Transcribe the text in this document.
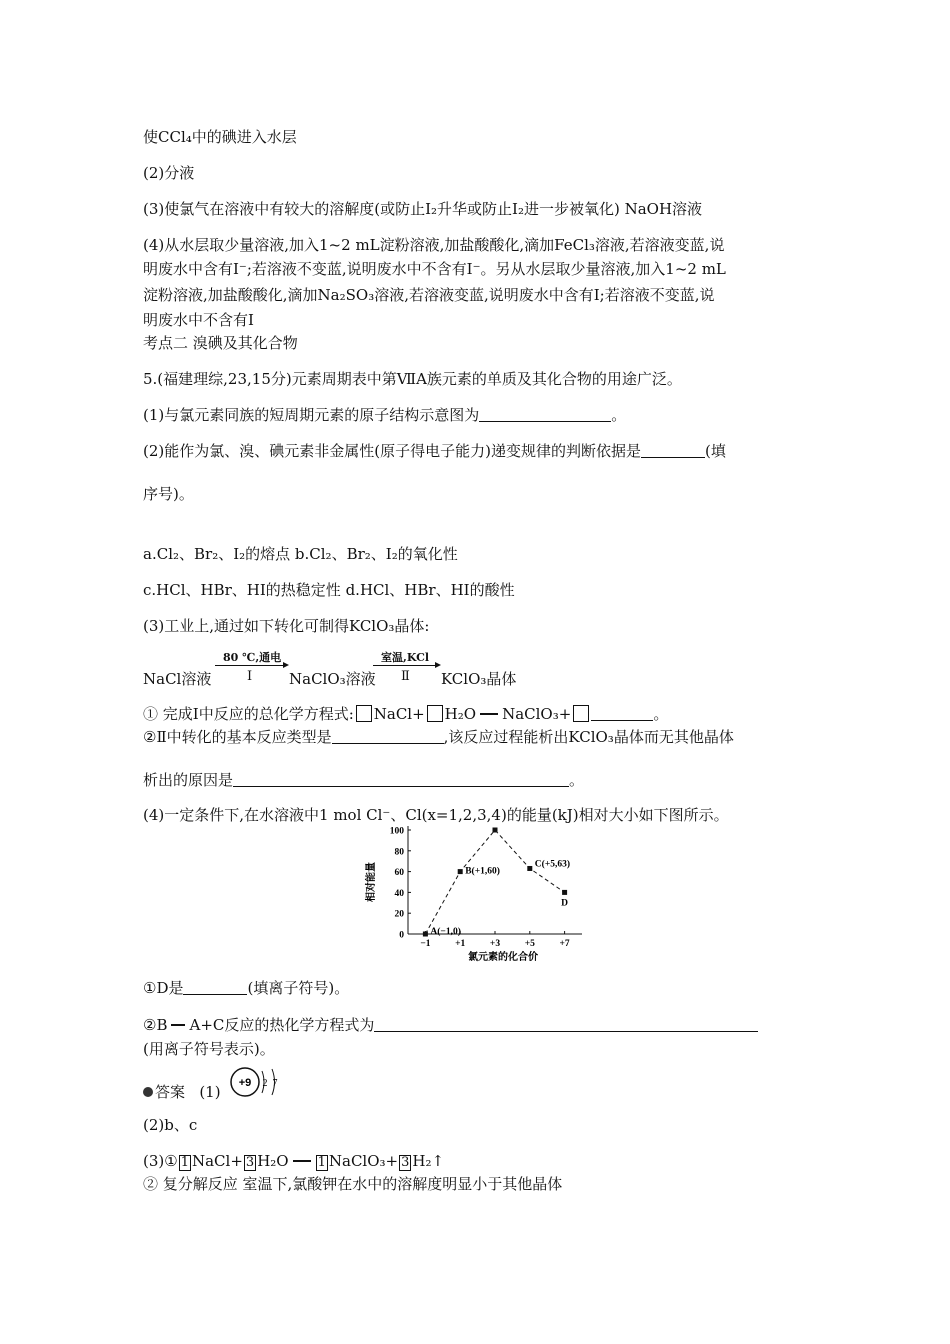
使CCl₄中的碘进入水层
(2)分液
(3)使氯气在溶液中有较大的溶解度(或防止I₂升华或防止I₂进一步被氧化) NaOH溶液
(4)从水层取少量溶液,加入1~2 mL淀粉溶液,加盐酸酸化,滴加FeCl₃溶液,若溶液变蓝,说
明废水中含有I⁻;若溶液不变蓝,说明废水中不含有I⁻。另从水层取少量溶液,加入1~2 mL
淀粉溶液,加盐酸酸化,滴加Na₂SO₃溶液,若溶液变蓝,说明废水中含有I;若溶液不变蓝,说
明废水中不含有I
考点二 溴碘及其化合物
5.(福建理综,23,15分)元素周期表中第ⅦA族元素的单质及其化合物的用途广泛。
(1)与氯元素同族的短周期元素的原子结构示意图为	。
(2)能作为氯、溴、碘元素非金属性(原子得电子能力)递变规律的判断依据是	(填
序号)。
a.Cl₂、Br₂、I₂的熔点 b.Cl₂、Br₂、I₂的氧化性
c.HCl、HBr、HI的热稳定性 d.HCl、HBr、HI的酸性
(3)工业上,通过如下转化可制得KClO₃晶体:
NaCl溶液
80 ℃,通电
Ⅰ NaClO₃溶液
室温,KCl
Ⅱ KClO₃晶体
① 完成Ⅰ中反应的总化学方程式: NaCl+ H₂O NaClO₃+	。
②Ⅱ中转化的基本反应类型是	,该反应过程能析出KClO₃晶体而无其他晶体
析出的原因是	。
(4)一定条件下,在水溶液中1 mol Cl⁻、Cl(x=1,2,3,4)的能量(kJ)相对大小如下图所示。
0
20
40
60
80
100
−1	+1	+3	+5	+7
氯元素的化合价
相对能量
A(−1,0)
B(+1,60)
C(+5,63)
D
①D是	(填离子符号)。
②B A+C反应的热化学方程式为
(用离子符号表示)。
答案 (1) +9 2 7
(2)b、c
(3)① 1 NaCl+ 3 H₂O 1 NaClO₃+ 3 H₂↑
② 复分解反应 室温下,氯酸钾在水中的溶解度明显小于其他晶体
